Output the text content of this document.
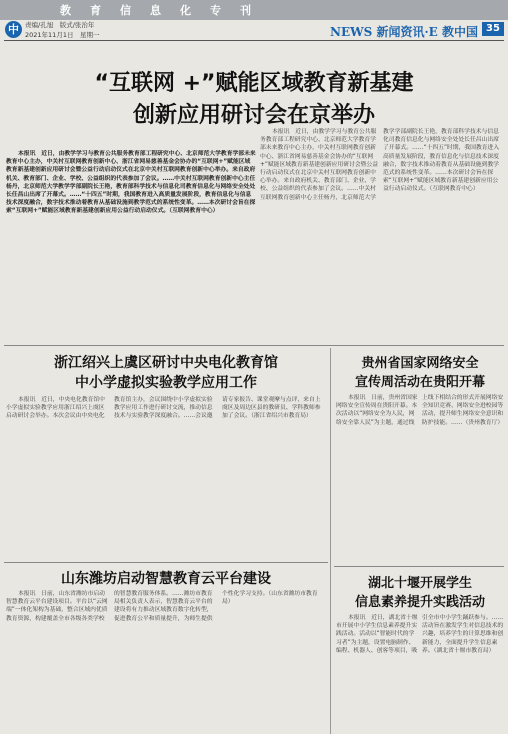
教育信息化专刊
中 责编/孔旭　版式/张治年
2021年11月1日　星期一	NEWS 新闻资讯·E 教中国 35
“互联网 +”赋能区域教育新基建
创新应用研讨会在京举办
本报讯　近日，由教学学习与教育公共服务教育部工程研究中心、北京师范大学教育学部未来教育中心主办，中关村互联网教育创新中心、浙江省网易慈善基金会协办的“互联网+”赋能区域教育新基建创新应用研讨会暨公益行动启动仪式在北京中关村互联网教育创新中心举办。来自政府机关、教育部门、企业、学校、公益组织的代表参加了会议。……中关村互联网教育创新中心主任杨丹，北京师范大学教学学部副院长王艳，教育部科学技术与信息化司教育信息化与网络安全处处长任昌山出席了开幕式。……“十四五”时期，我国教育进入高质量发展阶段，教育信息化与信息技术深度融合，数字技术推动着教育从基础设施到教学范式的系统性变革。……本次研讨会旨在探索“互联网+”赋能区域教育新基建创新应用公益行动启动仪式。（互联网教育中心）
本报讯　近日，由教学学习与教育公共服务教育部工程研究中心、北京师范大学教育学部未来教育中心主办，中关村互联网教育创新中心、浙江省网易慈善基金会协办的“互联网+”赋能区域教育新基建创新应用研讨会暨公益行动启动仪式在北京中关村互联网教育创新中心举办。来自政府机关、教育部门、企业、学校、公益组织的代表参加了会议。……中关村互联网教育创新中心主任杨丹，北京师范大学教学学部副院长王艳，教育部科学技术与信息化司教育信息化与网络安全处处长任昌山出席了开幕式。……“十四五”时期，我国教育进入高质量发展阶段，教育信息化与信息技术深度融合，数字技术推动着教育从基础设施到教学范式的系统性变革。……本次研讨会旨在探索“互联网+”赋能区域教育新基建创新应用公益行动启动仪式。（互联网教育中心）
浙江绍兴上虞区研讨中央电化教育馆
中小学虚拟实验教学应用工作
本报讯　近日，中央电化教育馆中小学虚拟实验教学应用浙江绍兴上虞区启动研讨会举办。本次会议由中央电化教育馆主办，会议围绕中小学虚拟实验教学应用工作进行研讨交流，推动信息技术与实验教学深度融合。……会议邀请专家报告、课堂观摩与点评，来自上虞区及周边区县的教研员、学科教师参加了会议。（浙江省绍兴市教育局）
贵州省国家网络安全
宣传周活动在贵阳开幕
本报讯　日前，贵州省国家网络安全宣传周在贵阳开幕。本次活动以“网络安全为人民，网络安全靠人民”为主题，通过线上线下相结合的形式开展网络安全知识竞赛、网络安全进校园等活动，提升师生网络安全意识和防护技能。……（贵州教育厅）
山东潍坊启动智慧教育云平台建设
本报讯　日前，山东省潍坊市启动智慧教育云平台建设项目。平台以“云网端”一体化架构为基础，整合区域内优质教育资源，构建覆盖全市各级各类学校的智慧教育服务体系。……潍坊市教育局相关负责人表示，智慧教育云平台的建设将有力推动区域教育数字化转型，促进教育公平和质量提升，为师生提供个性化学习支持。（山东省潍坊市教育局）
湖北十堰开展学生
信息素养提升实践活动
本报讯　近日，湖北省十堰市开展中小学生信息素养提升实践活动。活动以“智能时代的学习者”为主题，设置电脑制作、编程、机器人、创客等项目，吸引全市中小学生踊跃参与。……活动旨在激发学生对信息技术的兴趣，培养学生的计算思维和创新能力，全面提升学生信息素养。（湖北省十堰市教育局）
